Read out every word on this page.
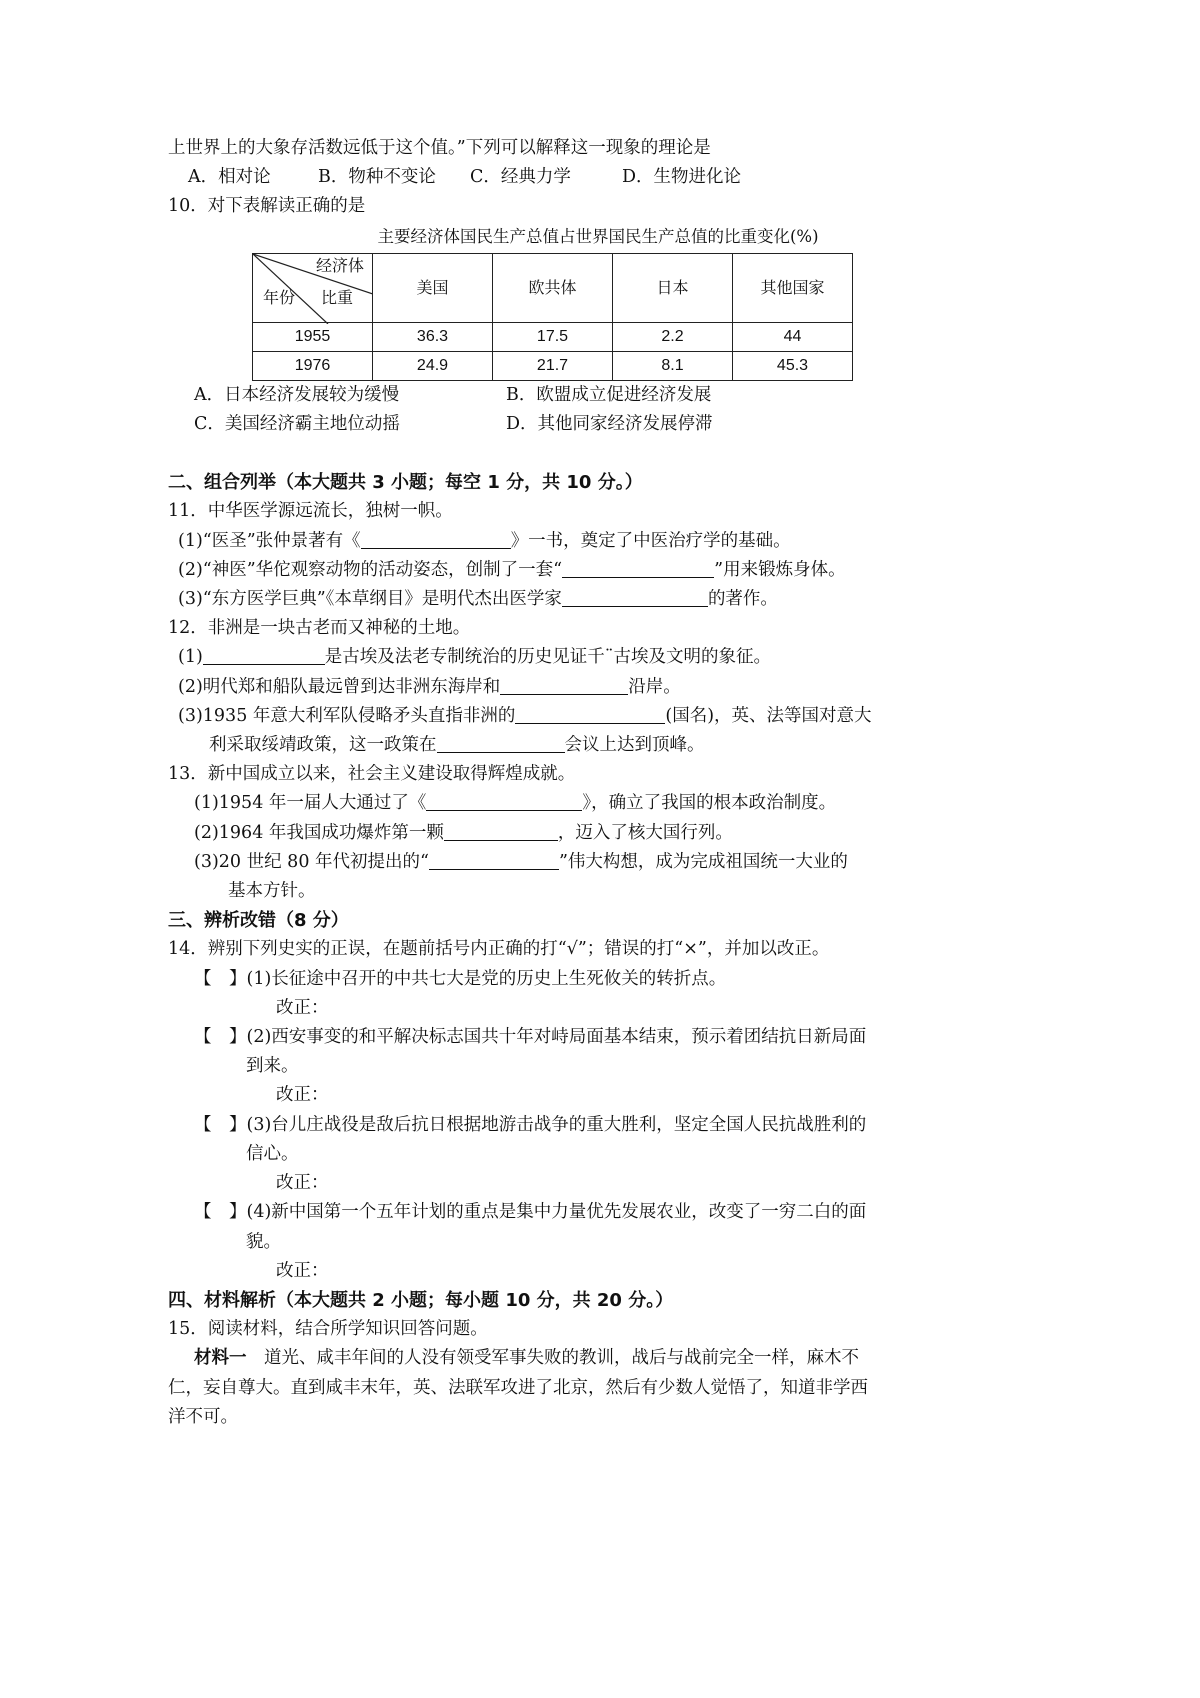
上世界上的大象存活数远低于这个值。”下列可以解释这一现象的理论是
A．相对论	B．物种不变论 C．经典力学	D．生物进化论
10．对下表解读正确的是
主要经济体国民生产总值占世界国民生产总值的比重变化(%)
经济体
年份 比重	美国	欧共体	日本	其他国家
1955	36.3	17.5	2.2	44
1976	24.9	21.7	8.1	45.3
A．日本经济发展较为缓慢	B．欧盟成立促进经济发展
C．美国经济霸主地位动摇	D．其他同家经济发展停滞
二、组合列举（本大题共 3 小题；每空 1 分，共 10 分。）
11．中华医学源远流长，独树一帜。
(1)“医圣”张仲景著有《	》一书，奠定了中医治疗学的基础。
(2)“神医”华佗观察动物的活动姿态，创制了一套“	”用来锻炼身体。
(3)“东方医学巨典”《本草纲目》是明代杰出医学家	的著作。
12．非洲是一块古老而又神秘的土地。
(1)	是古埃及法老专制统治的历史见证千¨古埃及文明的象征。
(2)明代郑和船队最远曾到达非洲东海岸和	沿岸。
(3)1935 年意大利军队侵略矛头直指非洲的	(国名)，英、法等国对意大
利采取绥靖政策，这一政策在	会议上达到顶峰。
13．新中国成立以来，社会主义建设取得辉煌成就。
(1)1954 年一届人大通过了《	》，确立了我国的根本政治制度。
(2)1964 年我国成功爆炸第一颗	，迈入了核大国行列。
(3)20 世纪 80 年代初提出的“	”伟大构想，成为完成祖国统一大业的
基本方针。
三、辨析改错（8 分）
14．辨别下列史实的正误，在题前括号内正确的打“√”；错误的打“×”，并加以改正。
【　】(1)长征途中召开的中共七大是党的历史上生死攸关的转折点。
改正：
【　】(2)西安事变的和平解决标志国共十年对峙局面基本结束，预示着团结抗日新局面
到来。
改正：
【　】(3)台儿庄战役是敌后抗日根据地游击战争的重大胜利，坚定全国人民抗战胜利的
信心。
改正：
【　】(4)新中国第一个五年计划的重点是集中力量优先发展农业，改变了一穷二白的面
貌。
改正：
四、材料解析（本大题共 2 小题；每小题 10 分，共 20 分。）
15．阅读材料，结合所学知识回答问题。
材料一　道光、咸丰年间的人没有领受军事失败的教训，战后与战前完全一样，麻木不
仁，妄自尊大。直到咸丰末年，英、法联军攻进了北京，然后有少数人觉悟了，知道非学西
洋不可。
